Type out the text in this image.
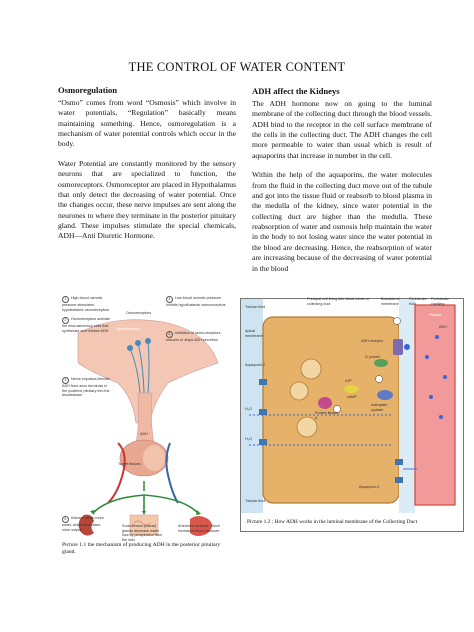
THE CONTROL OF WATER CONTENT
Osmoregulation

“Osmo” comes from word “Osmosis” which involve in water potentials, “Regulation” basically means maintaining something. Hence, osmoregulation is a mechanism of water potential controls which occur in the body.

Water Potential are constantly monitored by the sensory neurons that are specialized to function, the osmoreceptors. Osmoreceptor are placed in Hypothalamus that only detect the decreasing of water potential. Once the changes occur, these nerve impulses are sent along the neurones to where they terminate in the posterior pituitary gland. These impulses stimulate the special chemicals, ADH—Anti Diuretic Hormone.

ADH affect the Kidneys

The ADH hormone now on going to the luminal membrane of the collecting duct through the blood vessels. ADH bind to the receptor in the cell surface membrane of the cells in the collecting duct. The ADH changes the cell more permeable to water than usual which is result of aquaporins that increase in number in the cell.

Within the help of the aquaporins, the water molecules from the fluid in the collecting duct move out of the tubule and got into the tissue fluid or reabsorb to blood plasma in the medulla of the kidney, since water potential in the collecting duct are higher than the medulla. These reabsorption of water and osmosis help maintain the water in the body to not losing water since the water potential in the blood are decreasing. Hence, the reabsorption of water are increasing because of the decreasing of water potential in the blood

1 High blood osmotic pressure stimulates hypothalamic osmoreceptors
2 Osmoreceptors activate the neurosecretory cells that synthesize and release ADH
3 Nerve impulses liberate ADH from axon terminals in the posterior pituitary into the bloodstream
4 Low blood osmotic pressure inhibits hypothalamic osmoreceptors
5 Inhibition of osmo-receptors reduces or stops ADH secretion
Osmoreceptors
Hypothalamus
ADH
Target tissues
6 Kidneys retain more water, which decreases urine output
Sudoriferous (sweat) glands decrease water loss by perspiration from the skin
Arterioles constrict, which increases blood pressure
Picture 1.1 the mechanism of producing ADH in the posterior pituitary gland.
Tubular fluid
Principal cell lining late distal tubule or collecting duct
Basolateral membrane
Peritubular fluid
Peritubular capillary
Plasma
ADH
Apical membrane
ADH receptor
G protein
Aquaporin-2
ATP
cAMP
Adenylate cyclase
Protein kinase A
H₂O
H₂O
Aquaporin-3
Tubular fluid
Picture 1.2 : How ADH works in the luminal membrane of the Collecting Duct
